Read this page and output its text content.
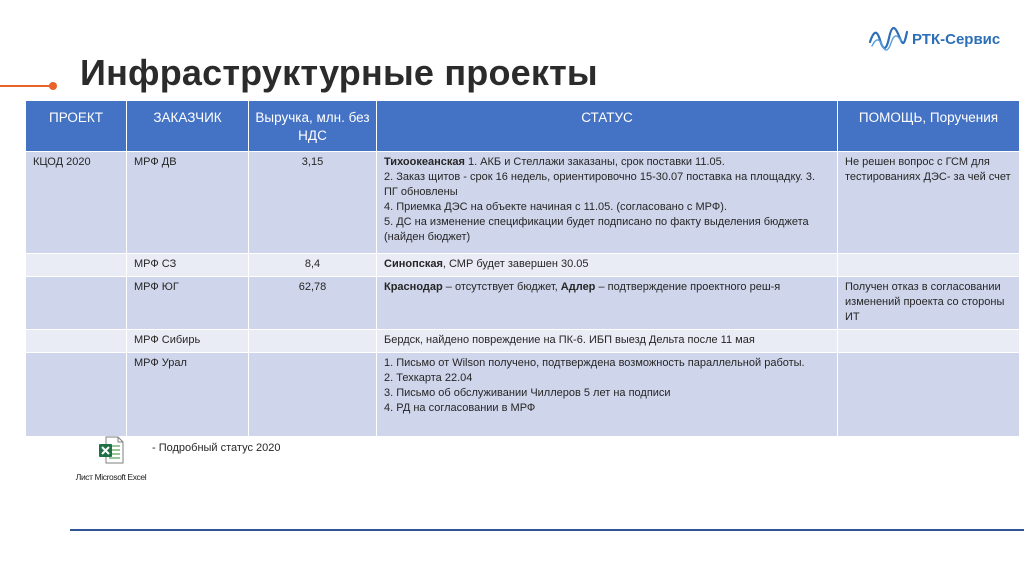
Инфраструктурные проекты
РТК-Сервис
ПРОЕКТ	ЗАКАЗЧИК	Выручка, млн. без НДС	СТАТУС	ПОМОЩЬ, Поручения
КЦОД 2020	МРФ ДВ	3,15	Тихоокеанская 1. АКБ и Стеллажи заказаны, срок поставки 11.05.
2. Заказ щитов - срок 16 недель, ориентировочно 15-30.07 поставка на площадку. 3. ПГ обновлены
4. Приемка ДЭС на объекте начиная с 11.05. (согласовано с МРФ).
5. ДС на изменение спецификации будет подписано по факту выделения бюджета (найден бюджет)	Не решен вопрос с ГСМ для тестированиях ДЭС- за чей счет
	МРФ СЗ	8,4	Синопская, СМР будет завершен 30.05	

	МРФ ЮГ	62,78	Краснодар – отсутствует бюджет, Адлер – подтверждение проектного реш-я	Получен отказ в согласовании изменений проекта со стороны ИТ
	МРФ Сибирь		Бердск, найдено повреждение на ПК-6. ИБП выезд Дельта после 11 мая	

	МРФ Урал		1. Письмо от Wilson получено, подтверждена возможность параллельной работы.
2. Техкарта 22.04
3. Письмо об обслуживании Чиллеров 5 лет на подписи
4. РД на согласовании в МРФ	

Лист Microsoft Excel
- Подробный статус 2020
